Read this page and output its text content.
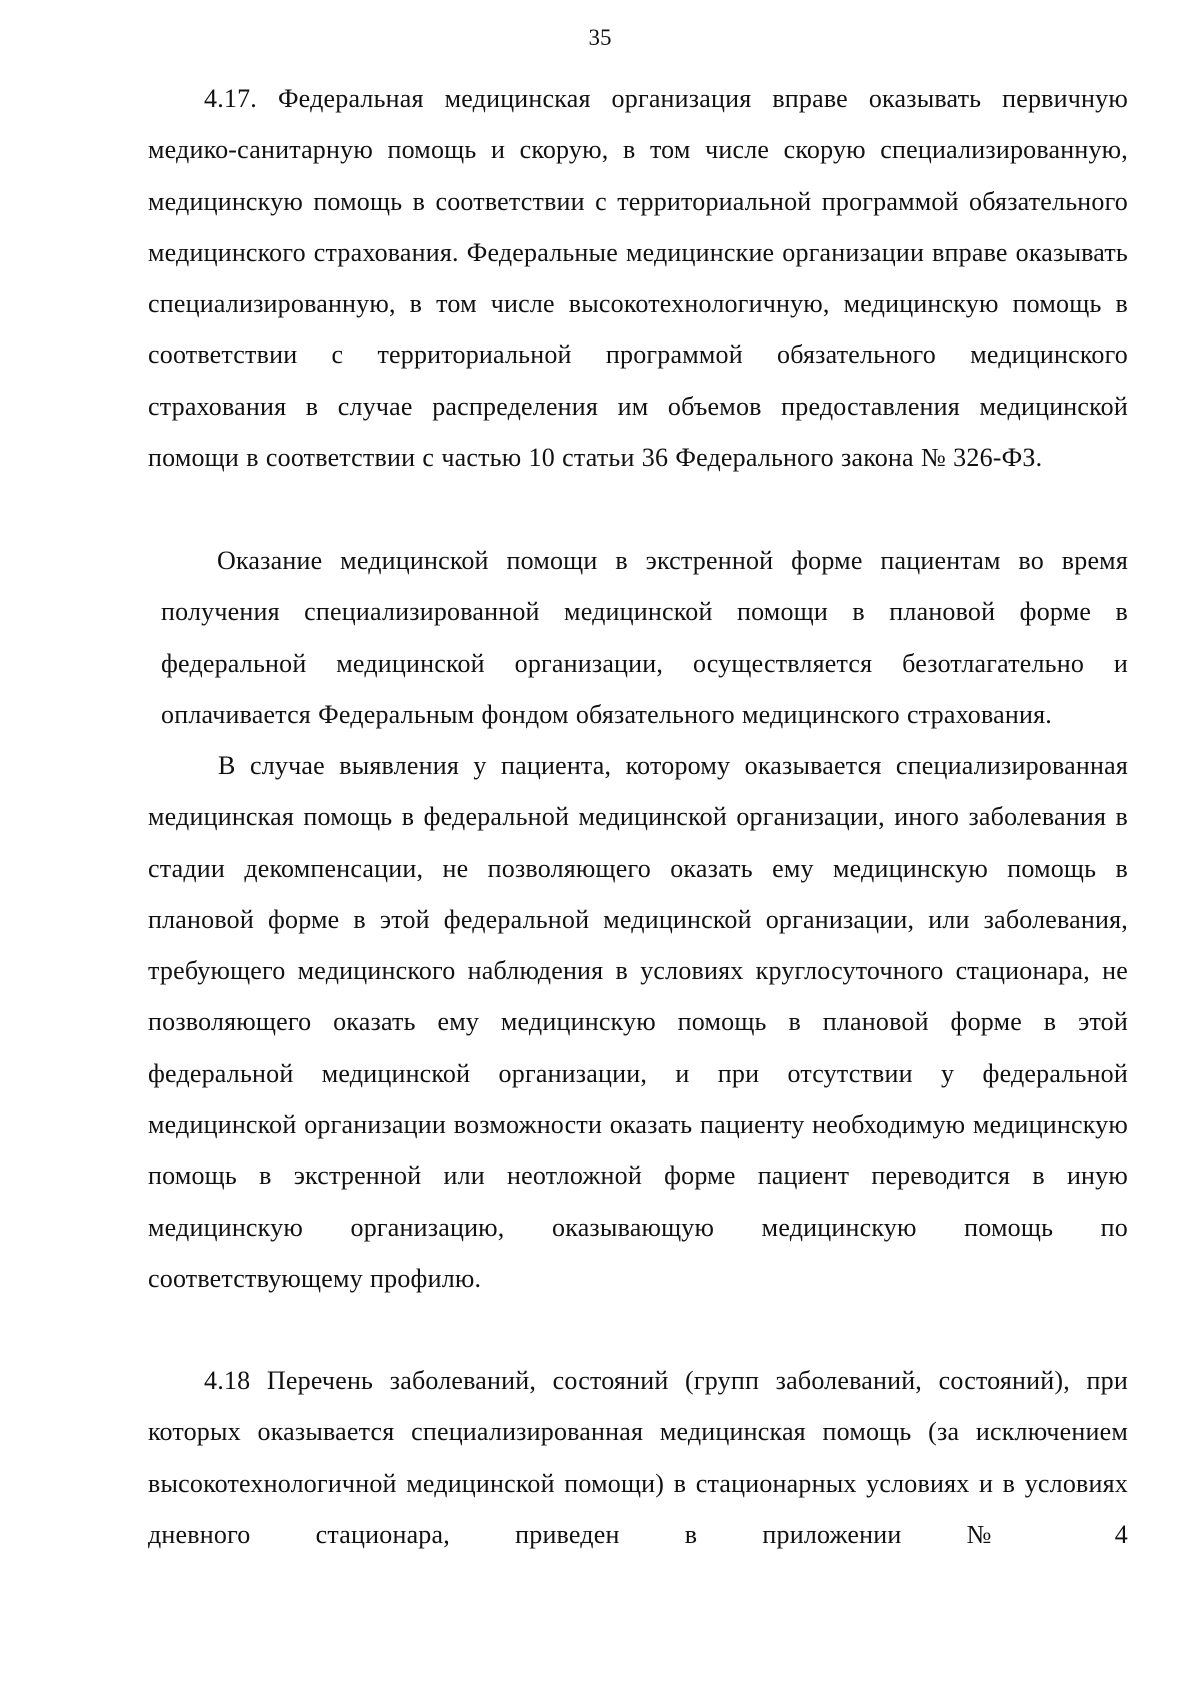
35

4.17. Федеральная медицинская организация вправе оказывать первичную медико-санитарную помощь и скорую, в том числе скорую специализированную, медицинскую помощь в соответствии с территориальной программой обязательного медицинского страхования. Федеральные медицинские организации вправе оказывать специализированную, в том числе высокотехнологичную, медицинскую помощь в соответствии с территориальной программой обязательного медицинского страхования в случае распределения им объемов предоставления медицинской помощи в соответствии с частью 10 статьи 36 Федерального закона № 326-ФЗ.

Оказание медицинской помощи в экстренной форме пациентам во время получения специализированной медицинской помощи в плановой форме в федеральной медицинской организации, осуществляется безотлагательно и оплачивается Федеральным фондом обязательного медицинского страхования.

В случае выявления у пациента, которому оказывается специализированная медицинская помощь в федеральной медицинской организации, иного заболевания в стадии декомпенсации, не позволяющего оказать ему медицинскую помощь в плановой форме в этой федеральной медицинской организации, или заболевания, требующего медицинского наблюдения в условиях круглосуточного стационара, не позволяющего оказать ему медицинскую помощь в плановой форме в этой федеральной медицинской организации, и при отсутствии у федеральной медицинской организации возможности оказать пациенту необходимую медицинскую помощь в экстренной или неотложной форме пациент переводится в иную медицинскую организацию, оказывающую медицинскую помощь по соответствующему профилю.

4.18 Перечень заболеваний, состояний (групп заболеваний, состояний), при которых оказывается специализированная медицинская помощь (за исключением высокотехнологичной медицинской помощи) в стационарных условиях и в условиях дневного стационара, приведен в приложении № 4
